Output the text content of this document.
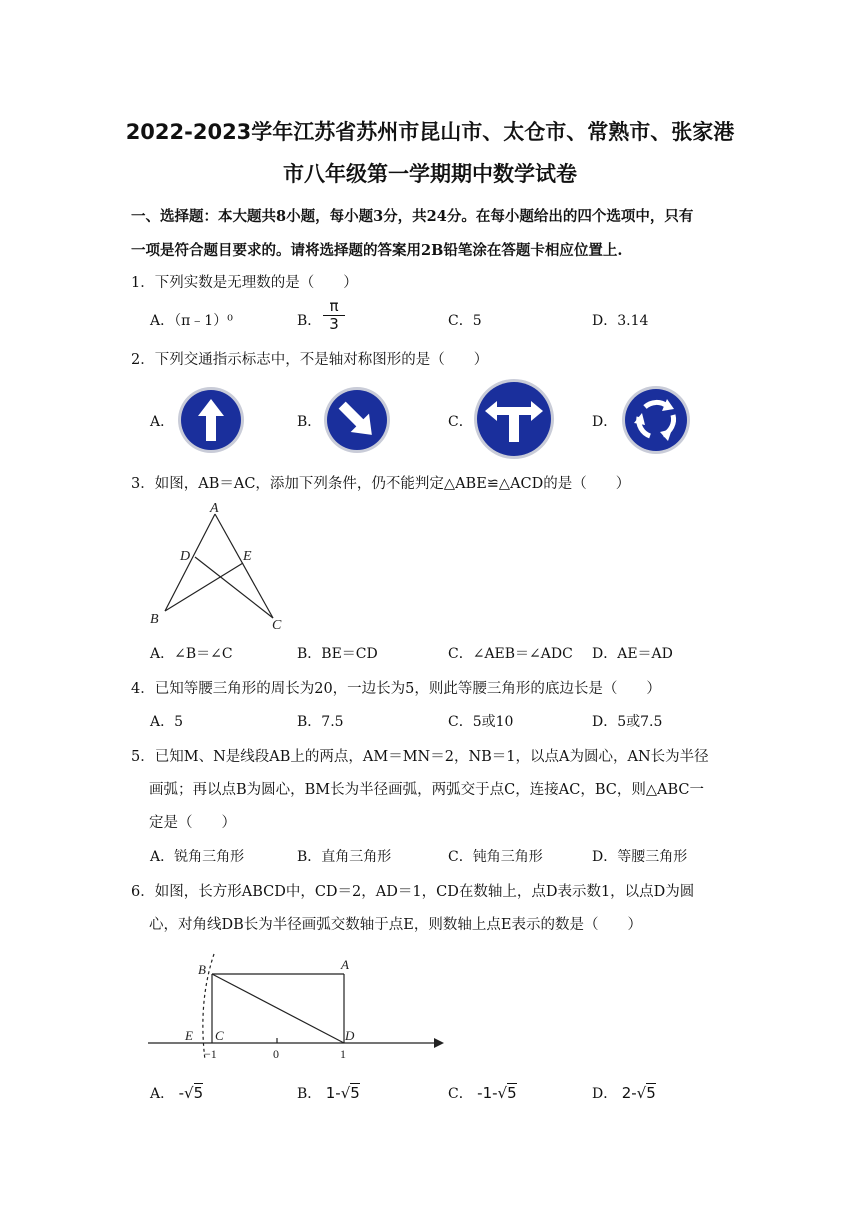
2022-2023学年江苏省苏州市昆山市、太仓市、常熟市、张家港
市八年级第一学期期中数学试卷
一、选择题：本大题共8小题，每小题3分，共24分。在每小题给出的四个选项中，只有
一项是符合题目要求的。请将选择题的答案用2B铅笔涂在答题卡相应位置上.
1．下列实数是无理数的是（　　）
A．（π﹣1）⁰	B． $\frac{\pi}{3}$	C．5	D．3.14
2．下列交通指示标志中，不是轴对称图形的是（　　）
A．	B．	C．	D．
3．如图，AB＝AC，添加下列条件，仍不能判定△ABE≌△ACD的是（　　）
A
D	E
B	C
A．∠B＝∠C	B．BE＝CD	C．∠AEB＝∠ADC D．AE＝AD
4．已知等腰三角形的周长为20，一边长为5，则此等腰三角形的底边长是（　　）
A．5	B．7.5	C．5或10	D．5或7.5
5．已知M、N是线段AB上的两点，AM＝MN＝2，NB＝1，以点A为圆心，AN长为半径
画弧；再以点B为圆心，BM长为半径画弧，两弧交于点C，连接AC，BC，则△ABC一
定是（　　）
A．锐角三角形	B．直角三角形	C．钝角三角形	D．等腰三角形
6．如图，长方形ABCD中，CD＝2，AD＝1，CD在数轴上，点D表示数1，以点D为圆
心，对角线DB长为半径画弧交数轴于点E，则数轴上点E表示的数是（　　）
B	A
E C	D
−1	0	1
A． -√5	B． 1-√5	C． -1-√5	D． 2-√5
